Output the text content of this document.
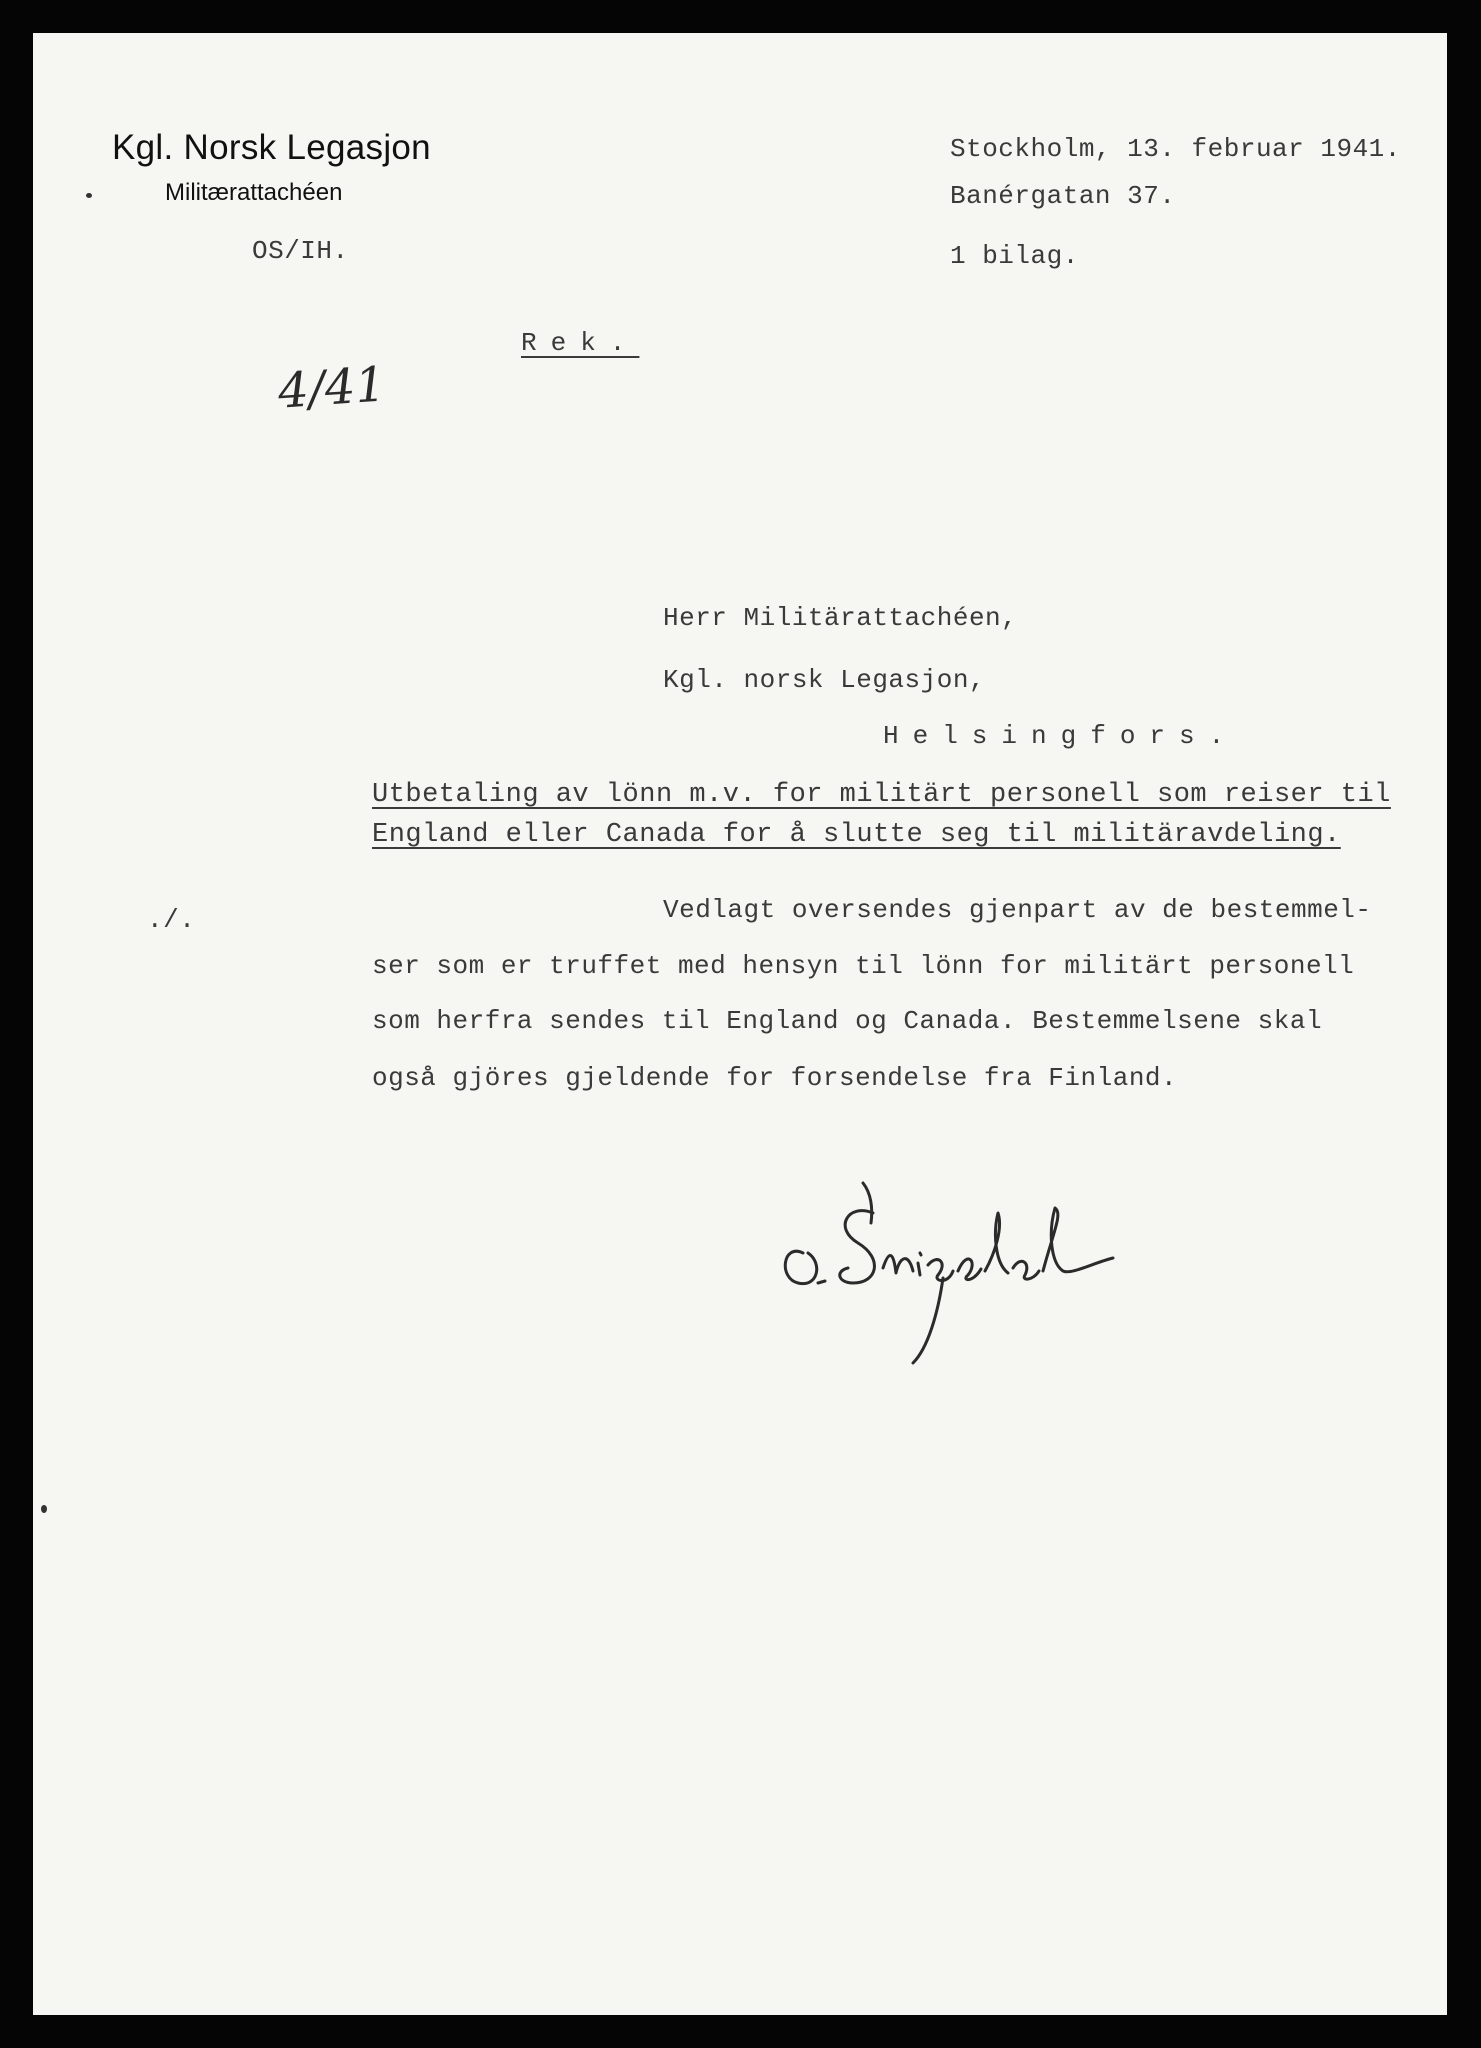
Kgl. Norsk Legasjon
Militærattachéen
OS/IH.
Stockholm, 13. februar 1941.
Banérgatan 37.
1 bilag.
Rek.
4/41
Herr Militärattachéen,
Kgl. norsk Legasjon,
Helsingfors.
Utbetaling av lönn m.v. for militärt personell som reiser til
England eller Canada for å slutte seg til militäravdeling.
./.	Vedlagt oversendes gjenpart av de bestemmel-
ser som er truffet med hensyn til lönn for militärt personell
som herfra sendes til England og Canada. Bestemmelsene skal
også gjöres gjeldende for forsendelse fra Finland.
